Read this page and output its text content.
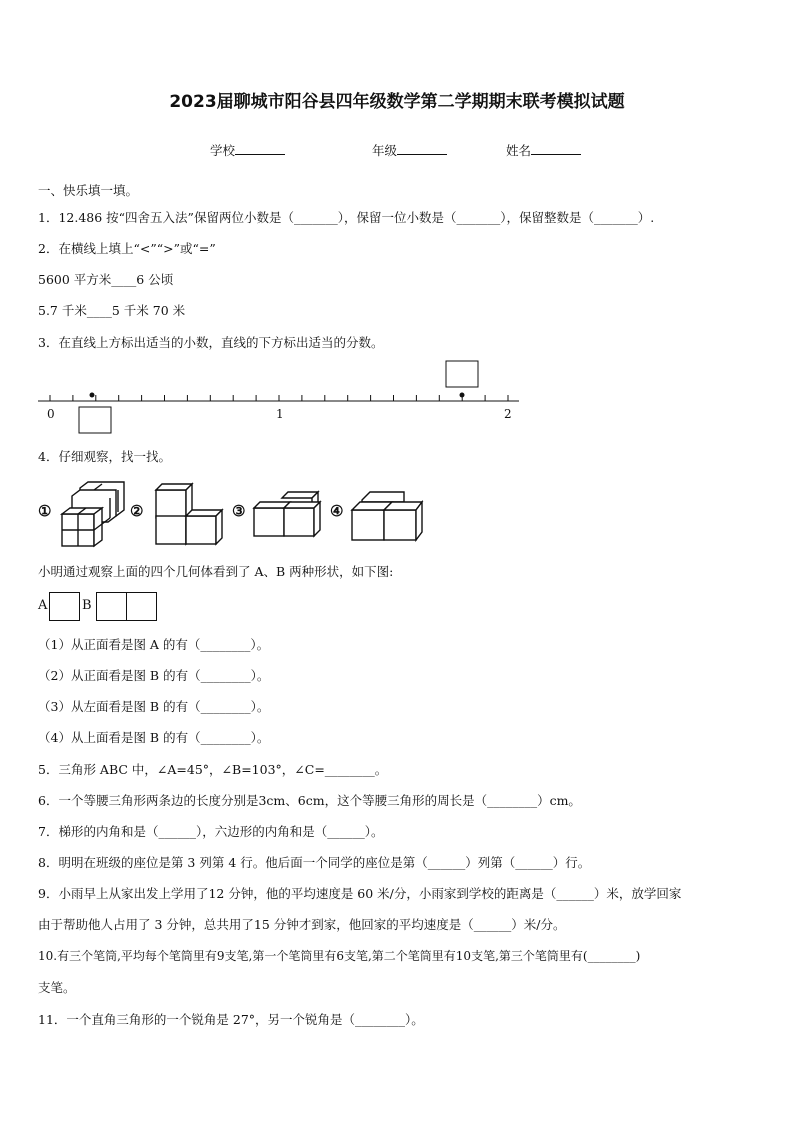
2023届聊城市阳谷县四年级数学第二学期期末联考模拟试题
学校	年级	姓名
一、快乐填一填。
1．12.486 按“四舍五入法”保留两位小数是（_______），保留一位小数是（_______），保留整数是（_______）.
2．在横线上填上“<”“>”或“=”
5600 平方米____6 公顷
5.7 千米____5 千米 70 米
3．在直线上方标出适当的小数，直线的下方标出适当的分数。
0	1	2
4．仔细观察，找一找。
①	②	③	④
小明通过观察上面的四个几何体看到了 A、B 两种形状，如下图:
A	B
（1）从正面看是图 A 的有（________）。
（2）从正面看是图 B 的有（________）。
（3）从左面看是图 B 的有（________）。
（4）从上面看是图 B 的有（________）。
5．三角形 ABC 中，∠A=45°，∠B=103°，∠C=________。
6．一个等腰三角形两条边的长度分别是3cm、6cm，这个等腰三角形的周长是（________）cm。
7．梯形的内角和是（______），六边形的内角和是（______）。
8．明明在班级的座位是第 3 列第 4 行。他后面一个同学的座位是第（______）列第（______）行。
9．小雨早上从家出发上学用了12 分钟，他的平均速度是 60 米/分，小雨家到学校的距离是（______）米，放学回家
由于帮助他人占用了 3 分钟，总共用了15 分钟才到家，他回家的平均速度是（______）米/分。
10.有三个笔筒,平均每个笔筒里有9支笔,第一个笔筒里有6支笔,第二个笔筒里有10支笔,第三个笔筒里有(________)
支笔。
11．一个直角三角形的一个锐角是 27°，另一个锐角是（________）。
